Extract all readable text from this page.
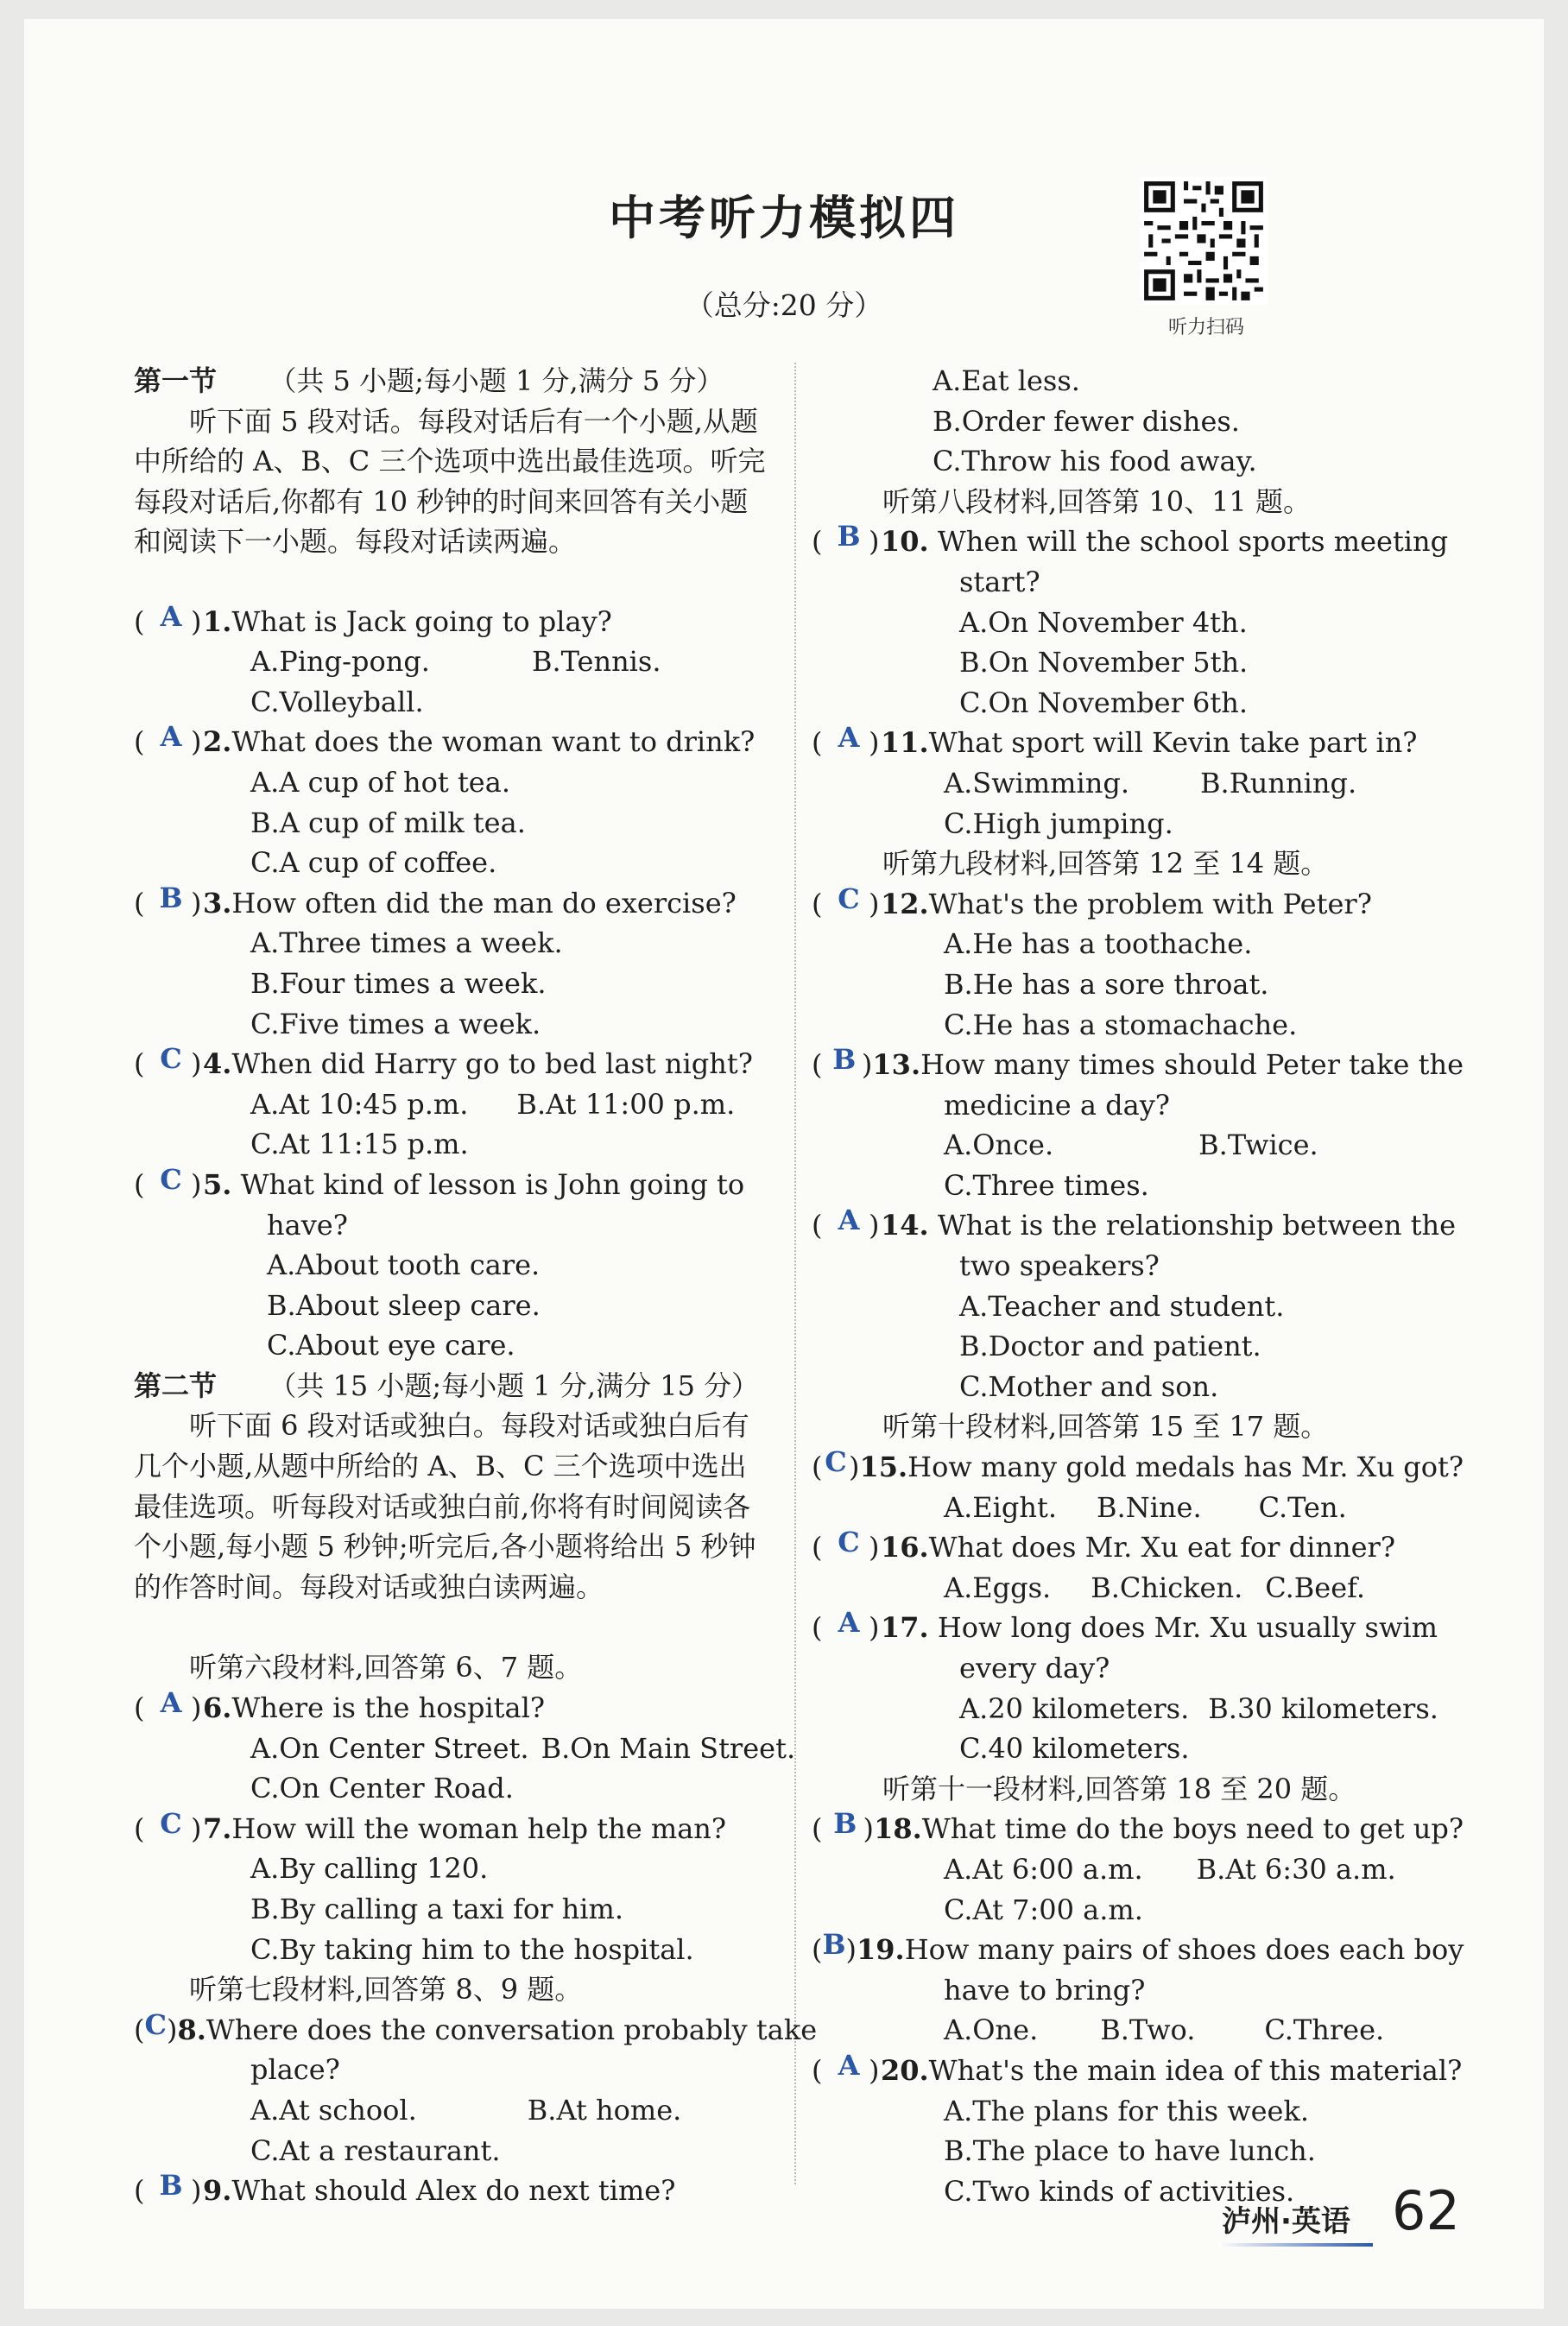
中考听力模拟四
（总分:20 分）
听力扫码
第一节 （共 5 小题;每小题 1 分,满分 5 分）
听下面 5 段对话。每段对话后有一个小题,从题中所给的 A、B、C 三个选项中选出最佳选项。听完每段对话后,你都有 10 秒钟的时间来回答有关小题和阅读下一小题。每段对话读两遍。
( A ) 1. What is Jack going to play?
A.Ping-pong.	B.Tennis.
C.Volleyball.
( A ) 2. What does the woman want to drink?
A.A cup of hot tea.
B.A cup of milk tea.
C.A cup of coffee.
( B ) 3. How often did the man do exercise?
A.Three times a week.
B.Four times a week.
C.Five times a week.
( C ) 4. When did Harry go to bed last night?
A.At 10:45 p.m. B.At 11:00 p.m.
C.At 11:15 p.m.
( C ) 5.
What kind of lesson is John going to
have?
A.About tooth care.
B.About sleep care.
C.About eye care.
第二节 （共 15 小题;每小题 1 分,满分 15 分）
听下面 6 段对话或独白。每段对话或独白后有几个小题,从题中所给的 A、B、C 三个选项中选出最佳选项。听每段对话或独白前,你将有时间阅读各个小题,每小题 5 秒钟;听完后,各小题将给出 5 秒钟的作答时间。每段对话或独白读两遍。
听第六段材料,回答第 6、7 题。
( A ) 6. Where is the hospital?
A.On Center Street. B.On Main Street.
C.On Center Road.
( C ) 7. How will the woman help the man?
A.By calling 120.
B.By calling a taxi for him.
C.By taking him to the hospital.
听第七段材料,回答第 8、9 题。
( C ) 8. Where does the conversation probably take
place?
A.At school.	B.At home.
C.At a restaurant.
( B ) 9. What should Alex do next time?
A.Eat less.
B.Order fewer dishes.
C.Throw his food away.
听第八段材料,回答第 10、11 题。
( B ) 10.
When will the school sports meeting
start?
A.On November 4th.
B.On November 5th.
C.On November 6th.
( A ) 11. What sport will Kevin take part in?
A.Swimming.	B.Running.
C.High jumping.
听第九段材料,回答第 12 至 14 题。
( C ) 12. What's the problem with Peter?
A.He has a toothache.
B.He has a sore throat.
C.He has a stomachache.
( B ) 13. How many times should Peter take the
medicine a day?
A.Once.	B.Twice.
C.Three times.
( A ) 14.
What is the relationship between the
two speakers?
A.Teacher and student.
B.Doctor and patient.
C.Mother and son.
听第十段材料,回答第 15 至 17 题。
( C ) 15. How many gold medals has Mr. Xu got?
A.Eight. B.Nine. C.Ten.
( C ) 16. What does Mr. Xu eat for dinner?
A.Eggs. B.Chicken. C.Beef.
( A ) 17.
How long does Mr. Xu usually swim
every day?
A.20 kilometers. B.30 kilometers.
C.40 kilometers.
听第十一段材料,回答第 18 至 20 题。
( B ) 18. What time do the boys need to get up?
A.At 6:00 a.m. B.At 6:30 a.m.
C.At 7:00 a.m.
( B ) 19. How many pairs of shoes does each boy
have to bring?
A.One. B.Two.	C.Three.
( A ) 20. What's the main idea of this material?
A.The plans for this week.
B.The place to have lunch.
C.Two kinds of activities.
泸州·英语 62
